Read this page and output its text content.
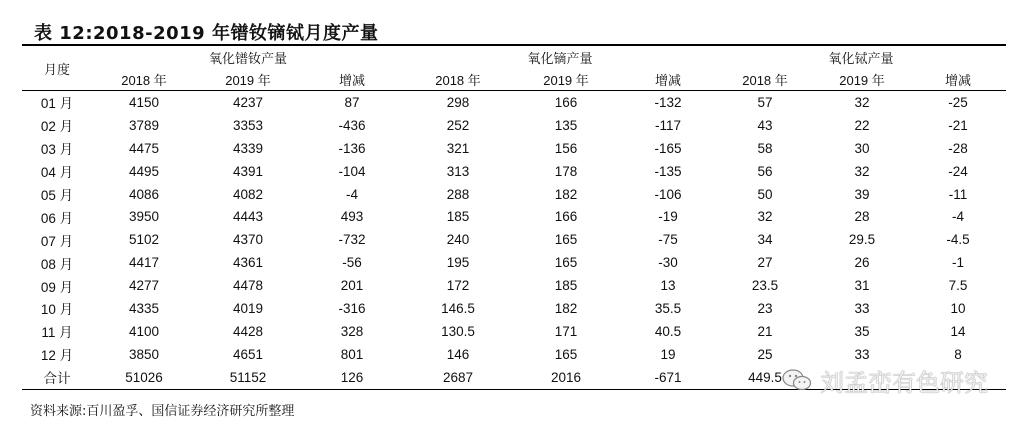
表 12:2018-2019 年镨钕镝铽月度产量
月度	氧化镨钕产量			氧化镝产量			氧化铽产量		
	2018 年	2019 年	增减	2018 年	2019 年	增减	2018 年	2019 年	增减
01 月	4150	4237	87	298	166	-132	57	32	-25
02 月	3789	3353	-436	252	135	-117	43	22	-21
03 月	4475	4339	-136	321	156	-165	58	30	-28
04 月	4495	4391	-104	313	178	-135	56	32	-24
05 月	4086	4082	-4	288	182	-106	50	39	-11
06 月	3950	4443	493	185	166	-19	32	28	-4
07 月	5102	4370	-732	240	165	-75	34	29.5	-4.5
08 月	4417	4361	-56	195	165	-30	27	26	-1
09 月	4277	4478	201	172	185	13	23.5	31	7.5
10 月	4335	4019	-316	146.5	182	35.5	23	33	10
11 月	4100	4428	328	130.5	171	40.5	21	35	14
12 月	3850	4651	801	146	165	19	25	33	8
合计	51026	51152	126	2687	2016	-671	449.5		
资料来源:百川盈孚、国信证券经济研究所整理
刘孟峦有色研究
